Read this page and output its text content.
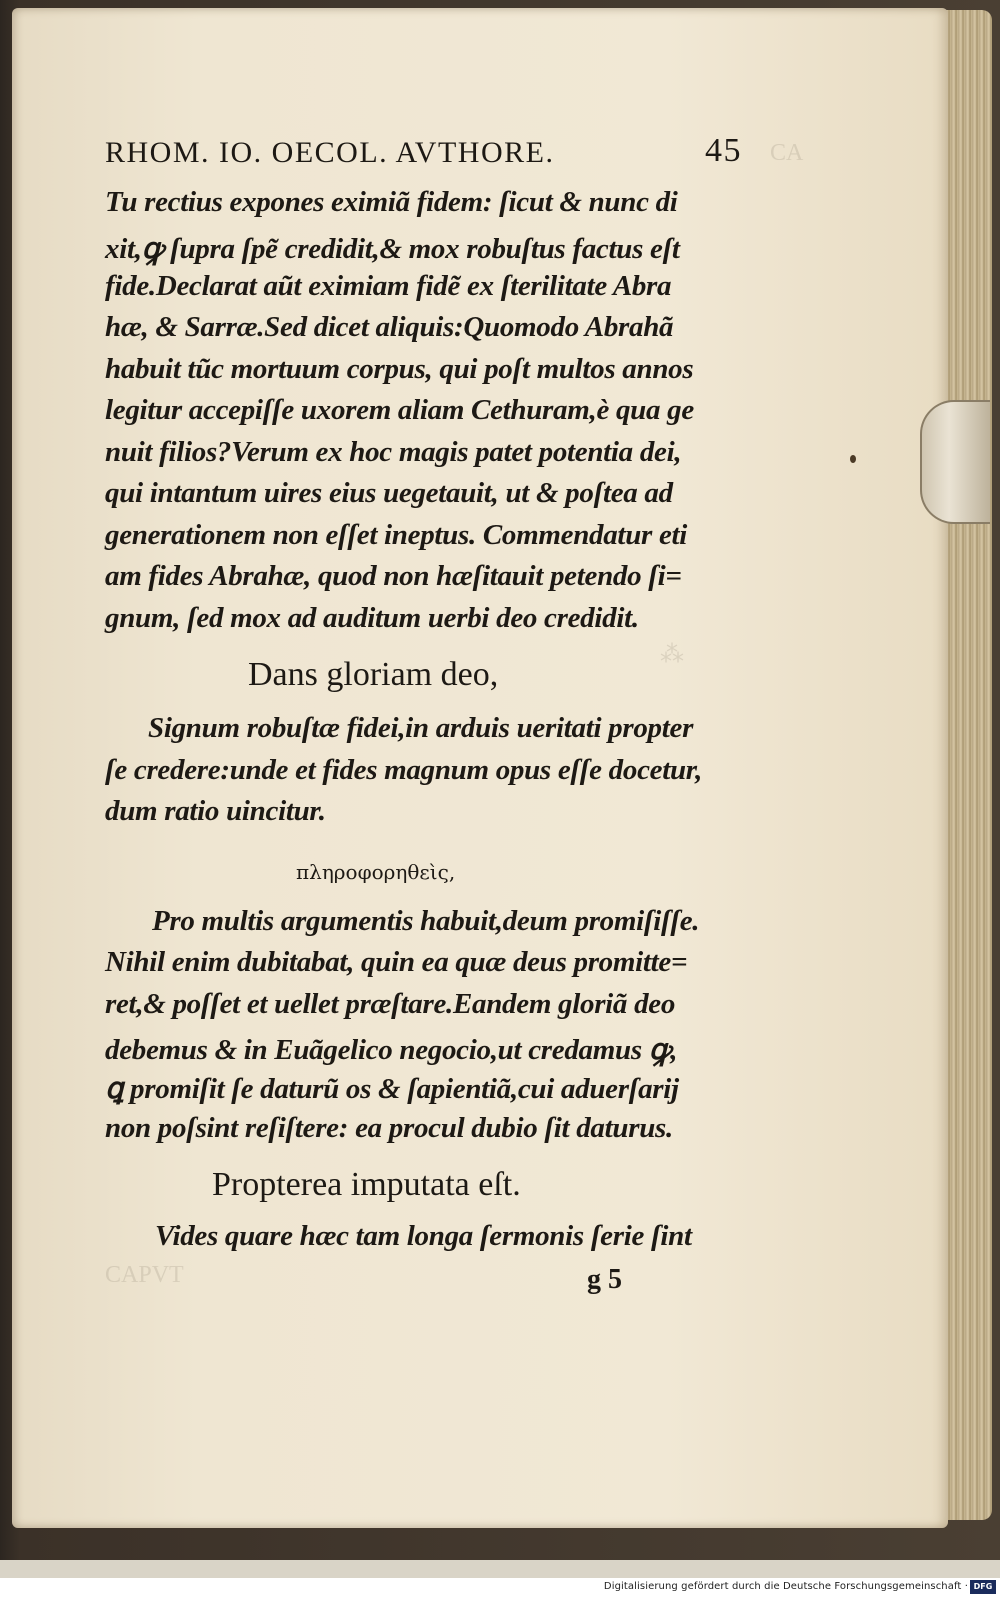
CA
⁂
CAPVT
RHOM. IO. OECOL. AVTHORE.	45
Tu rectius expones eximiã fidem: ſicut & nunc di
xit,ꝙ ſupra ſpẽ credidit,& mox robuſtus factus eſt
fide.Declarat aũt eximiam fidẽ ex ſterilitate Abra
hæ, & Sarræ.Sed dicet aliquis:Quomodo Abrahã
habuit tũc mortuum corpus, qui poſt multos annos
legitur accepiſſe uxorem aliam Cethuram,è qua ge
nuit filios?Verum ex hoc magis patet potentia dei,
qui intantum uires eius uegetauit, ut & poſtea ad
generationem non eſſet ineptus. Commendatur eti
am fides Abrahæ, quod non hæſitauit petendo ſi=
gnum, ſed mox ad auditum uerbi deo credidit.
Dans gloriam deo,
Signum robuſtæ fidei,in arduis ueritati propter
ſe credere:unde et fides magnum opus eſſe docetur,
dum ratio uincitur.
πληροφορηθεὶς,
Pro multis argumentis habuit,deum promiſiſſe.
Nihil enim dubitabat, quin ea quæ deus promitte=
ret,& poſſet et uellet præſtare.Eandem gloriã deo
debemus & in Euãgelico negocio,ut credamus ꝙ,
ꝗ promiſit ſe daturũ os & ſapientiã,cui aduerſarij
non poſsint reſiſtere: ea procul dubio ſit daturus.
Propterea imputata eſt.
Vides quare hæc tam longa ſermonis ſerie ſint
g 5
Digitalisierung gefördert durch die Deutsche Forschungsgemeinschaft · DFG
